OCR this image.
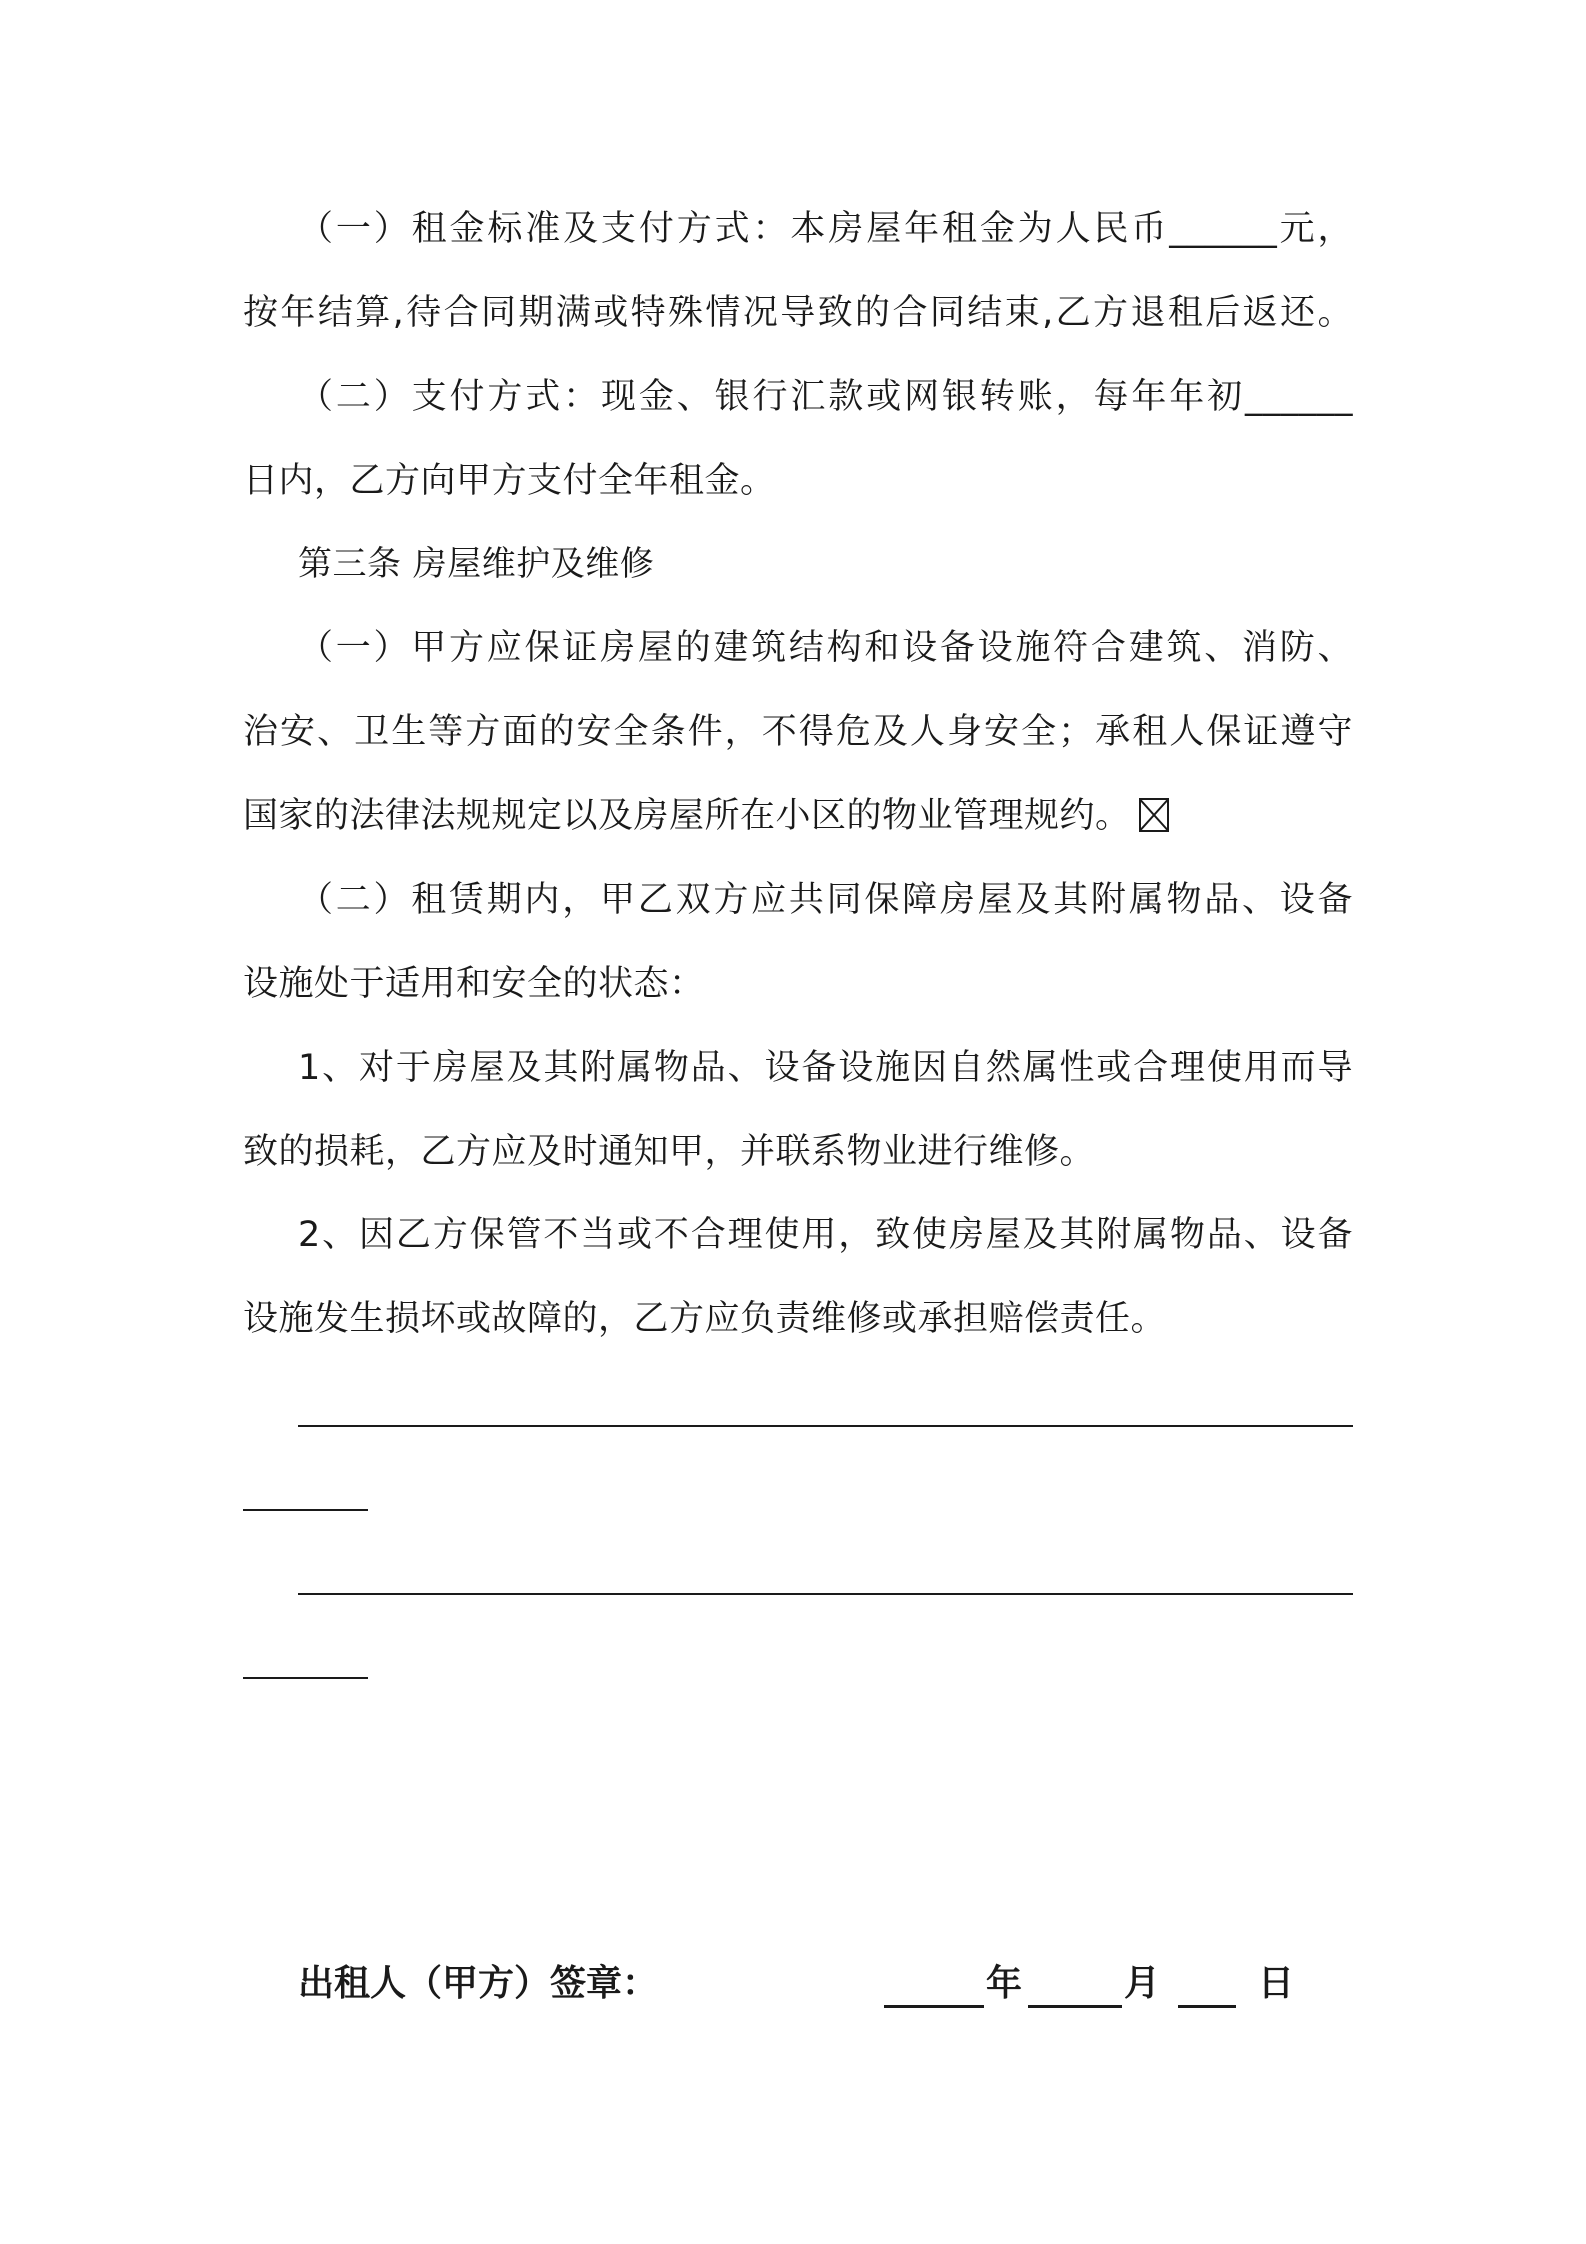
（一）租金标准及支付方式：本房屋年租金为人民币______元，
按年结算,待合同期满或特殊情况导致的合同结束,乙方退租后返还。
（二）支付方式：现金、银行汇款或网银转账，每年年初______
日内，乙方向甲方支付全年租金。
第三条 房屋维护及维修
（一）甲方应保证房屋的建筑结构和设备设施符合建筑、消防、
治安、卫生等方面的安全条件，不得危及人身安全；承租人保证遵守
国家的法律法规规定以及房屋所在小区的物业管理规约。
（二）租赁期内，甲乙双方应共同保障房屋及其附属物品、设备
设施处于适用和安全的状态：
1、对于房屋及其附属物品、设备设施因自然属性或合理使用而导
致的损耗，乙方应及时通知甲，并联系物业进行维修。
2、因乙方保管不当或不合理使用，致使房屋及其附属物品、设备
设施发生损坏或故障的，乙方应负责维修或承担赔偿责任。
出租人（甲方）签章：	年	月	日
